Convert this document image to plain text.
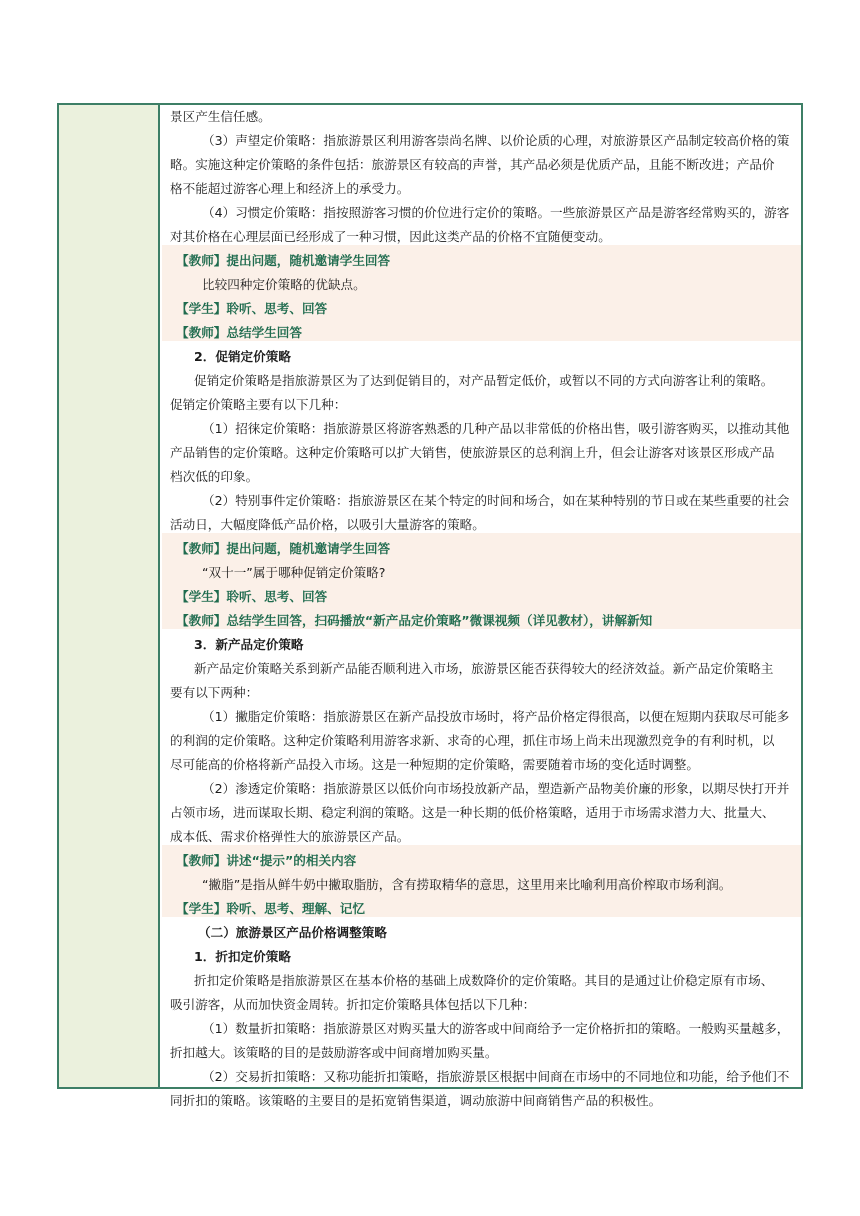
景区产生信任感。
（3）声望定价策略：指旅游景区利用游客崇尚名牌、以价论质的心理，对旅游景区产品制定较高价格的策
略。实施这种定价策略的条件包括：旅游景区有较高的声誉，其产品必须是优质产品，且能不断改进；产品价
格不能超过游客心理上和经济上的承受力。
（4）习惯定价策略：指按照游客习惯的价位进行定价的策略。一些旅游景区产品是游客经常购买的，游客
对其价格在心理层面已经形成了一种习惯，因此这类产品的价格不宜随便变动。
【教师】提出问题，随机邀请学生回答
比较四种定价策略的优缺点。
【学生】聆听、思考、回答
【教师】总结学生回答
2．促销定价策略
促销定价策略是指旅游景区为了达到促销目的，对产品暂定低价，或暂以不同的方式向游客让利的策略。
促销定价策略主要有以下几种：
（1）招徕定价策略：指旅游景区将游客熟悉的几种产品以非常低的价格出售，吸引游客购买，以推动其他
产品销售的定价策略。这种定价策略可以扩大销售，使旅游景区的总利润上升，但会让游客对该景区形成产品
档次低的印象。
（2）特别事件定价策略：指旅游景区在某个特定的时间和场合，如在某种特别的节日或在某些重要的社会
活动日，大幅度降低产品价格，以吸引大量游客的策略。
【教师】提出问题，随机邀请学生回答
“双十一”属于哪种促销定价策略?
【学生】聆听、思考、回答
【教师】总结学生回答，扫码播放“新产品定价策略”微课视频（详见教材），讲解新知
3．新产品定价策略
新产品定价策略关系到新产品能否顺利进入市场，旅游景区能否获得较大的经济效益。新产品定价策略主
要有以下两种：
（1）撇脂定价策略：指旅游景区在新产品投放市场时，将产品价格定得很高，以便在短期内获取尽可能多
的利润的定价策略。这种定价策略利用游客求新、求奇的心理，抓住市场上尚未出现激烈竞争的有利时机，以
尽可能高的价格将新产品投入市场。这是一种短期的定价策略，需要随着市场的变化适时调整。
（2）渗透定价策略：指旅游景区以低价向市场投放新产品，塑造新产品物美价廉的形象，以期尽快打开并
占领市场，进而谋取长期、稳定利润的策略。这是一种长期的低价格策略，适用于市场需求潜力大、批量大、
成本低、需求价格弹性大的旅游景区产品。
【教师】讲述“提示”的相关内容
“撇脂”是指从鲜牛奶中撇取脂肪，含有捞取精华的意思，这里用来比喻利用高价榨取市场利润。
【学生】聆听、思考、理解、记忆
（二）旅游景区产品价格调整策略
1．折扣定价策略
折扣定价策略是指旅游景区在基本价格的基础上成数降价的定价策略。其目的是通过让价稳定原有市场、
吸引游客，从而加快资金周转。折扣定价策略具体包括以下几种：
（1）数量折扣策略：指旅游景区对购买量大的游客或中间商给予一定价格折扣的策略。一般购买量越多，
折扣越大。该策略的目的是鼓励游客或中间商增加购买量。
（2）交易折扣策略：又称功能折扣策略，指旅游景区根据中间商在市场中的不同地位和功能，给予他们不
同折扣的策略。该策略的主要目的是拓宽销售渠道，调动旅游中间商销售产品的积极性。
